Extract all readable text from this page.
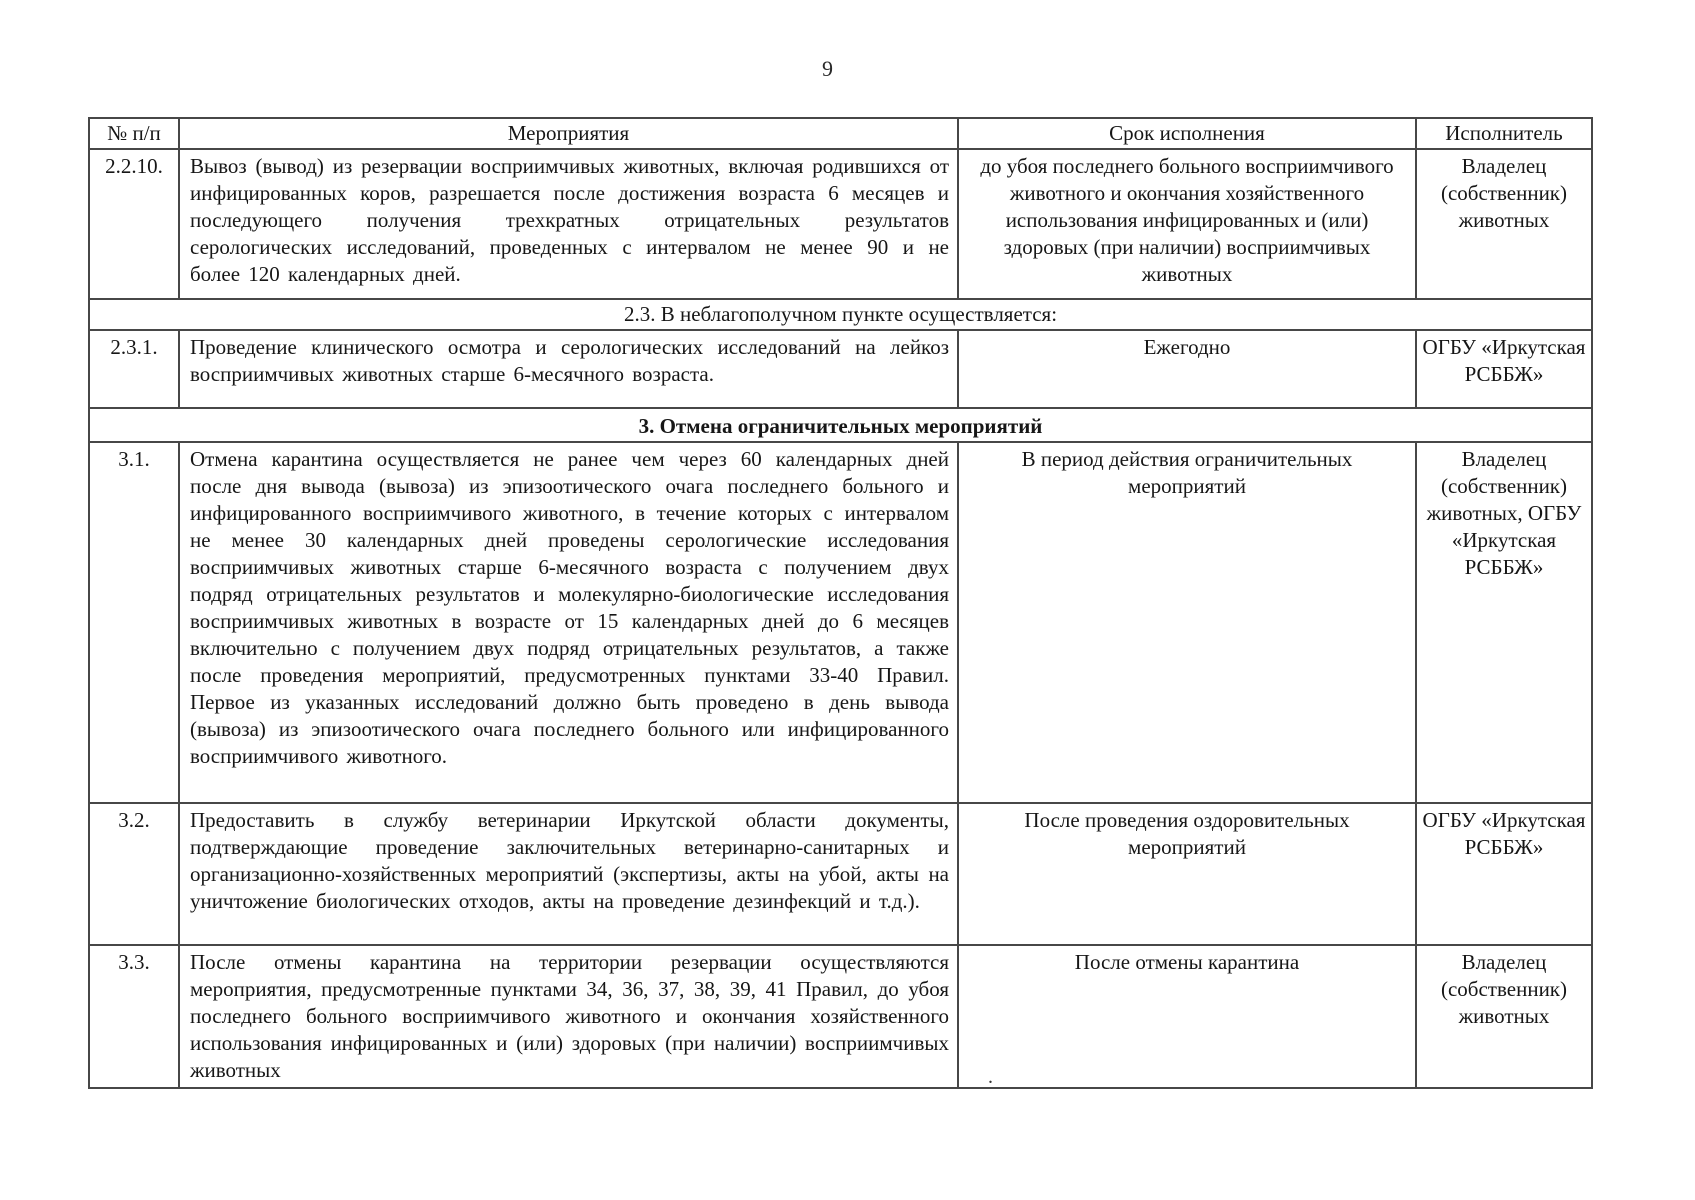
9
№ п/п	Мероприятия	Срок исполнения	Исполнитель
2.2.10.	Вывоз (вывод) из резервации восприимчивых животных, включая родившихся от инфицированных коров, разрешается после достижения возраста 6 месяцев и последующего получения трехкратных отрицательных результатов серологических исследований, проведенных с интервалом не менее 90 и не более 120 календарных дней.	до убоя последнего больного восприимчивого животного и окончания хозяйственного использования инфицированных и (или) здоровых (при наличии) восприимчивых животных	Владелец (собственник) животных
2.3. В неблагополучном пункте осуществляется:			
2.3.1.	Проведение клинического осмотра и серологических исследований на лейкоз восприимчивых животных старше 6-месячного возраста.	Ежегодно	ОГБУ «Иркутская РСББЖ»
3. Отмена ограничительных мероприятий			
3.1.	Отмена карантина осуществляется не ранее чем через 60 календарных дней после дня вывода (вывоза) из эпизоотического очага последнего больного и инфицированного восприимчивого животного, в течение которых с интервалом не менее 30 календарных дней проведены серологические исследования восприимчивых животных старше 6-месячного возраста с получением двух подряд отрицательных результатов и молекулярно-биологические исследования восприимчивых животных в возрасте от 15 календарных дней до 6 месяцев включительно с получением двух подряд отрицательных результатов, а также после проведения мероприятий, предусмотренных пунктами 33-40 Правил. Первое из указанных исследований должно быть проведено в день вывода (вывоза) из эпизоотического очага последнего больного или инфицированного восприимчивого животного.	В период действия ограничительных мероприятий	Владелец (собственник) животных, ОГБУ «Иркутская РСББЖ»
3.2.	Предоставить в службу ветеринарии Иркутской области документы, подтверждающие проведение заключительных ветеринарно-санитарных и организационно-хозяйственных мероприятий (экспертизы, акты на убой, акты на уничтожение биологических отходов, акты на проведение дезинфекций и т.д.).	После проведения оздоровительных мероприятий	ОГБУ «Иркутская РСББЖ»
3.3.	После отмены карантина на территории резервации осуществляются мероприятия, предусмотренные пунктами 34, 36, 37, 38, 39, 41 Правил, до убоя последнего больного восприимчивого животного и окончания хозяйственного использования инфицированных и (или) здоровых (при наличии) восприимчивых животных	После отмены карантина	Владелец (собственник) животных
.
